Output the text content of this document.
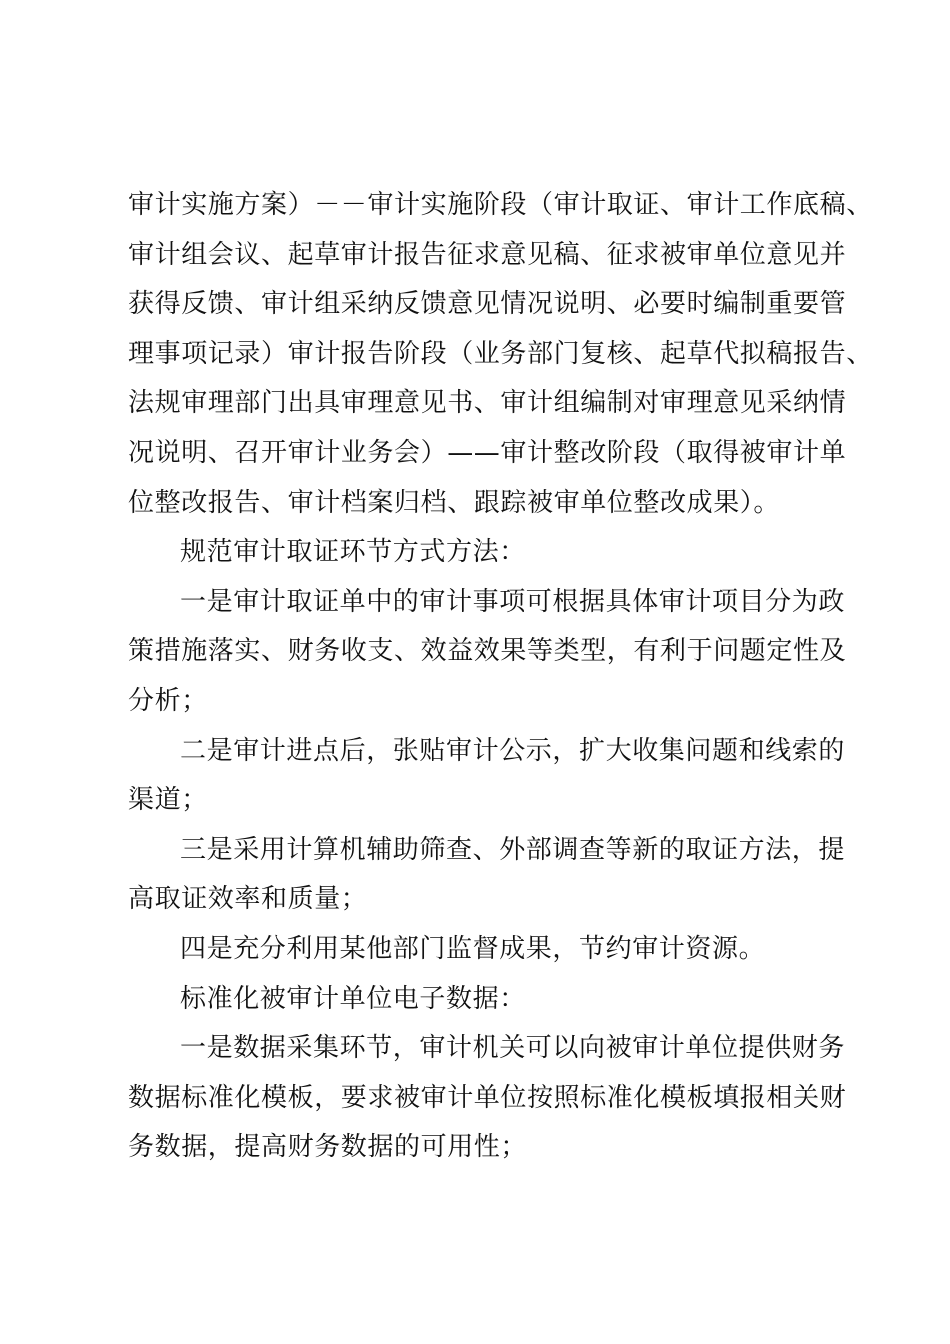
审计实施方案）－－审计实施阶段（审计取证、审计工作底稿、
审计组会议、起草审计报告征求意见稿、征求被审单位意见并
获得反馈、审计组采纳反馈意见情况说明、必要时编制重要管
理事项记录）审计报告阶段（业务部门复核、起草代拟稿报告、
法规审理部门出具审理意见书、审计组编制对审理意见采纳情
况说明、召开审计业务会）——审计整改阶段（取得被审计单
位整改报告、审计档案归档、跟踪被审单位整改成果）。
规范审计取证环节方式方法：
一是审计取证单中的审计事项可根据具体审计项目分为政
策措施落实、财务收支、效益效果等类型，有利于问题定性及
分析；
二是审计进点后，张贴审计公示，扩大收集问题和线索的
渠道；
三是采用计算机辅助筛查、外部调查等新的取证方法，提
高取证效率和质量；
四是充分利用某他部门监督成果，节约审计资源。
标准化被审计单位电子数据：
一是数据采集环节，审计机关可以向被审计单位提供财务
数据标准化模板，要求被审计单位按照标准化模板填报相关财
务数据，提高财务数据的可用性；
